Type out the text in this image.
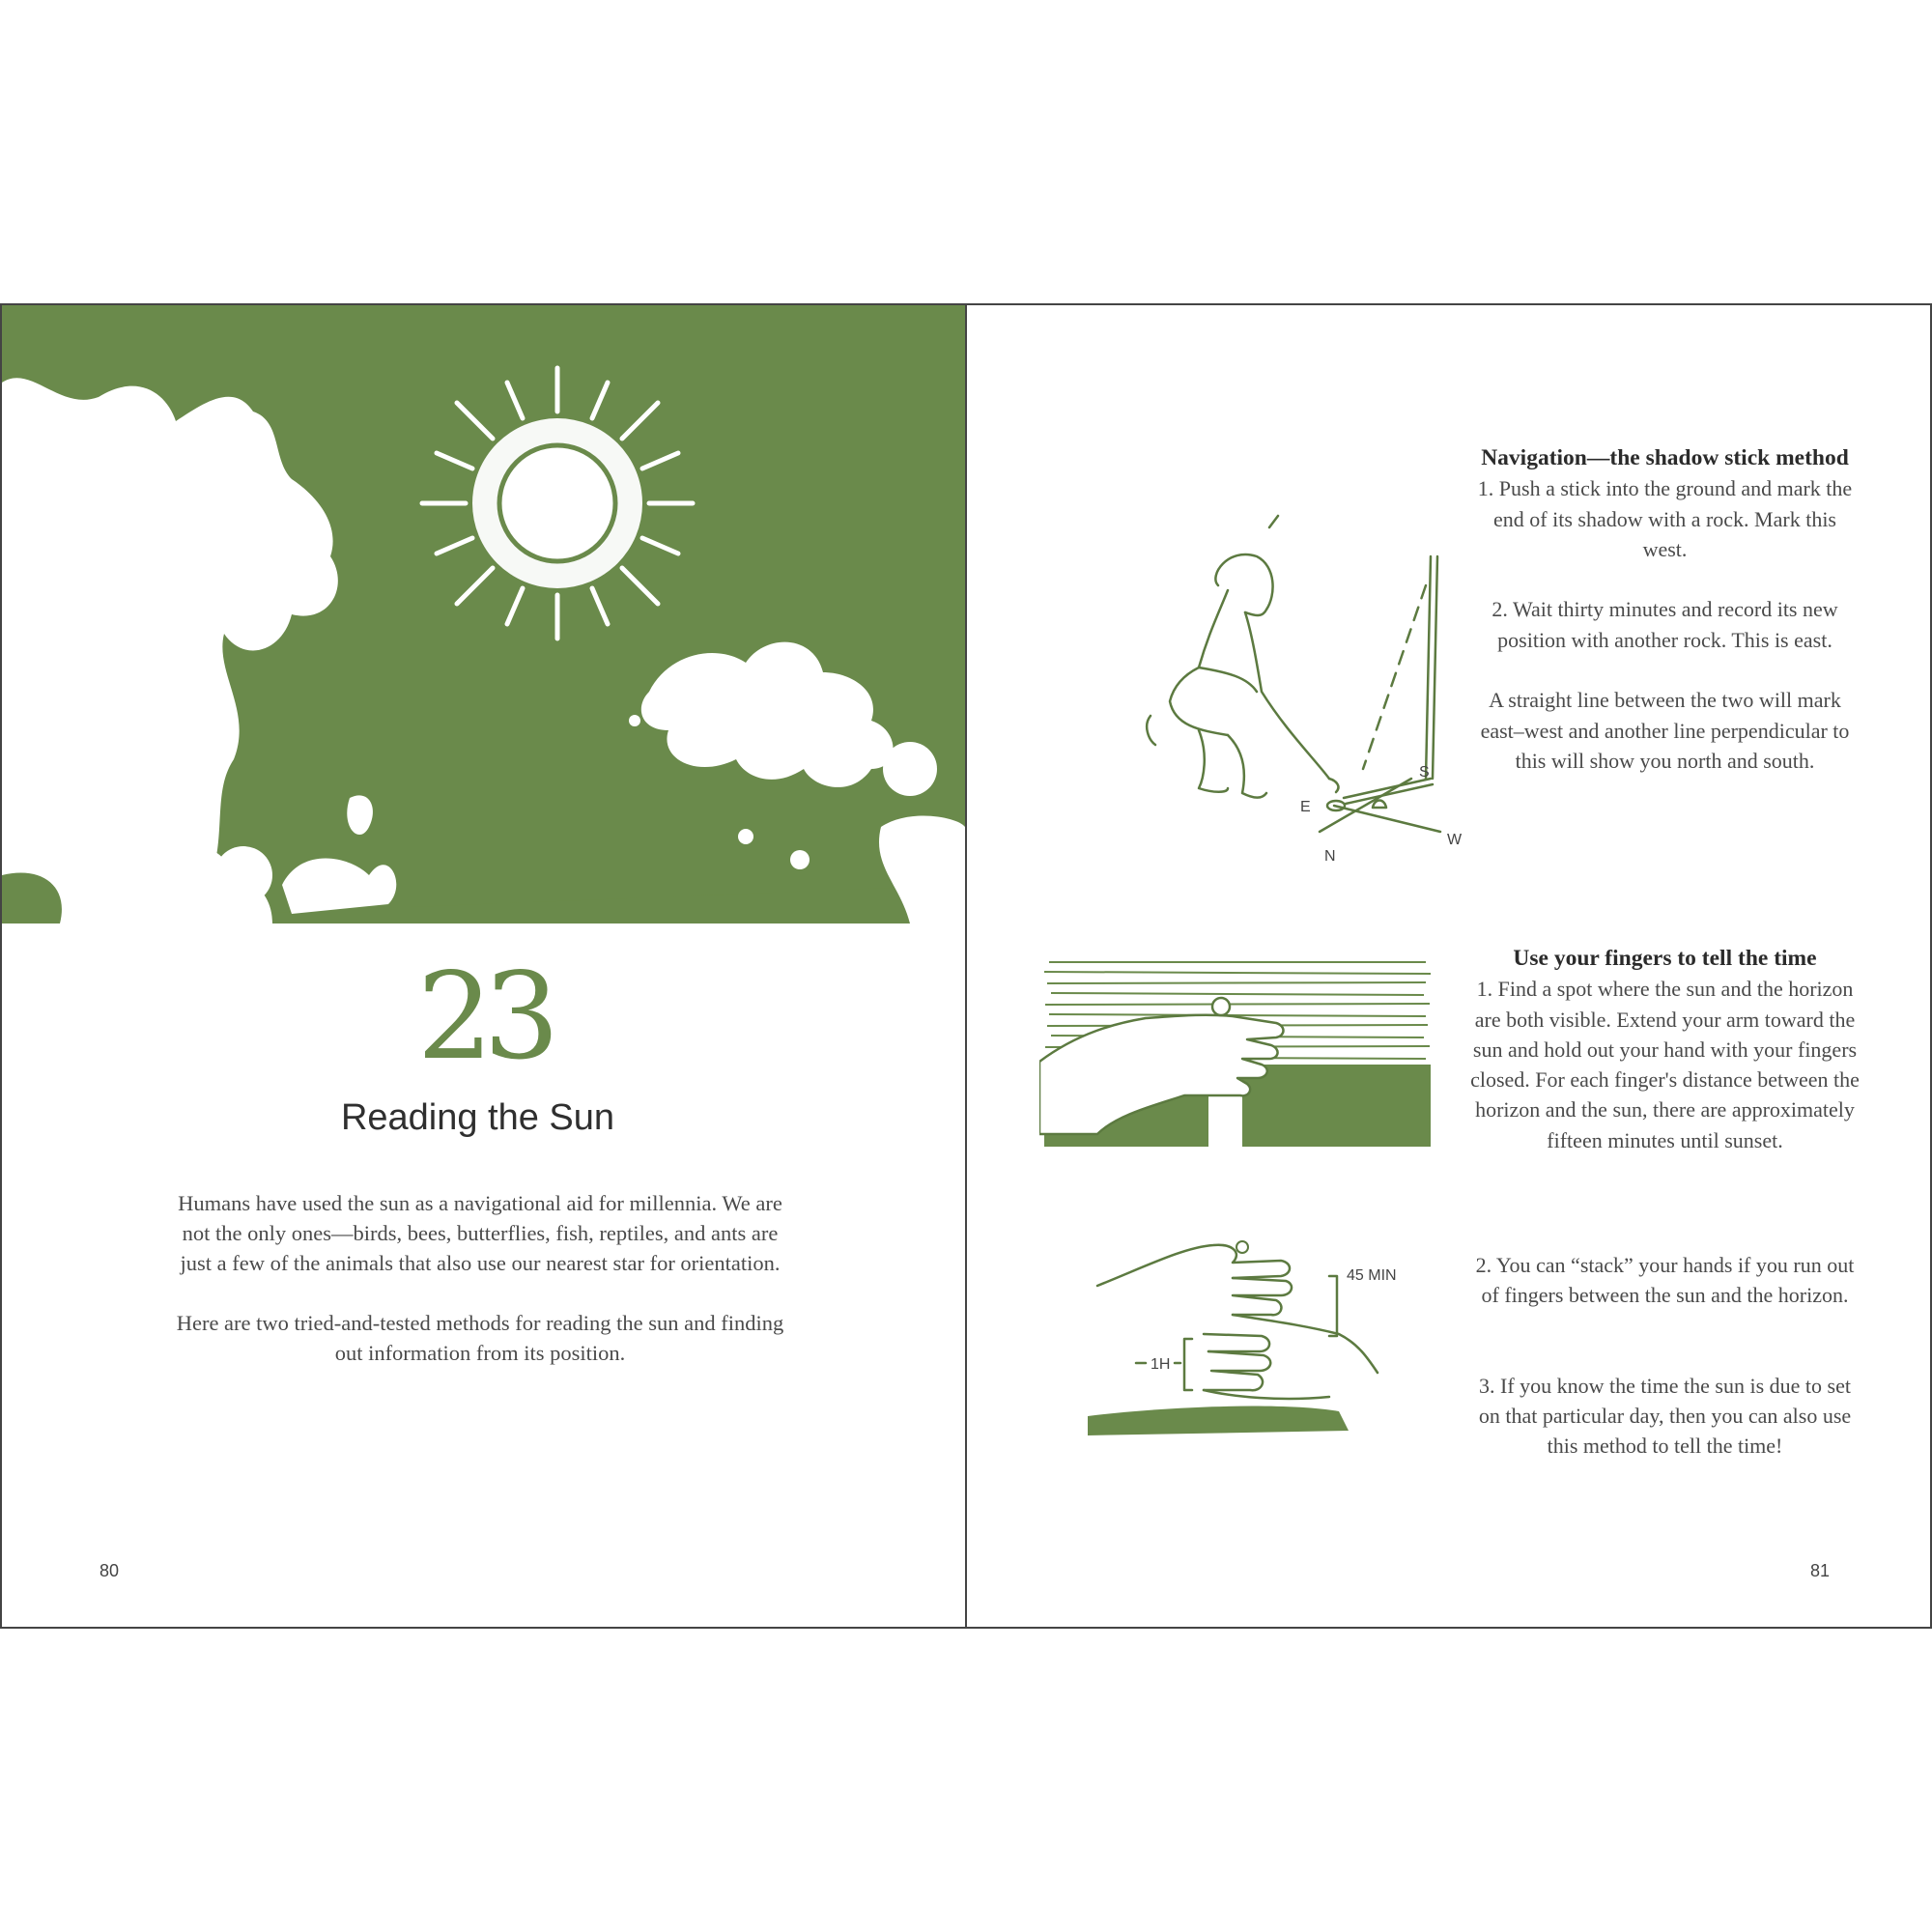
23
Reading the Sun

Humans have used the sun as a navigational aid for millennia. We are not the only ones—birds, bees, butterflies, fish, reptiles, and ants are just a few of the animals that also use our nearest star for orientation.

Here are two tried-and-tested methods for reading the sun and finding out information from its position.

E
S
W
N
Navigation—the shadow stick method

1. Push a stick into the ground and mark the end of its shadow with a rock. Mark this west.

2. Wait thirty minutes and record its new position with another rock. This is east.

A straight line between the two will mark east–west and another line perpendicular to this will show you north and south.

Use your fingers to tell the time

1. Find a spot where the sun and the horizon are both visible. Extend your arm toward the sun and hold out your hand with your fingers closed. For each finger's distance between the horizon and the sun, there are approximately fifteen minutes until sunset.

45 MIN
1H

2. You can “stack” your hands if you run out of fingers between the sun and the horizon.

3. If you know the time the sun is due to set on that particular day, then you can also use this method to tell the time!

80	81
